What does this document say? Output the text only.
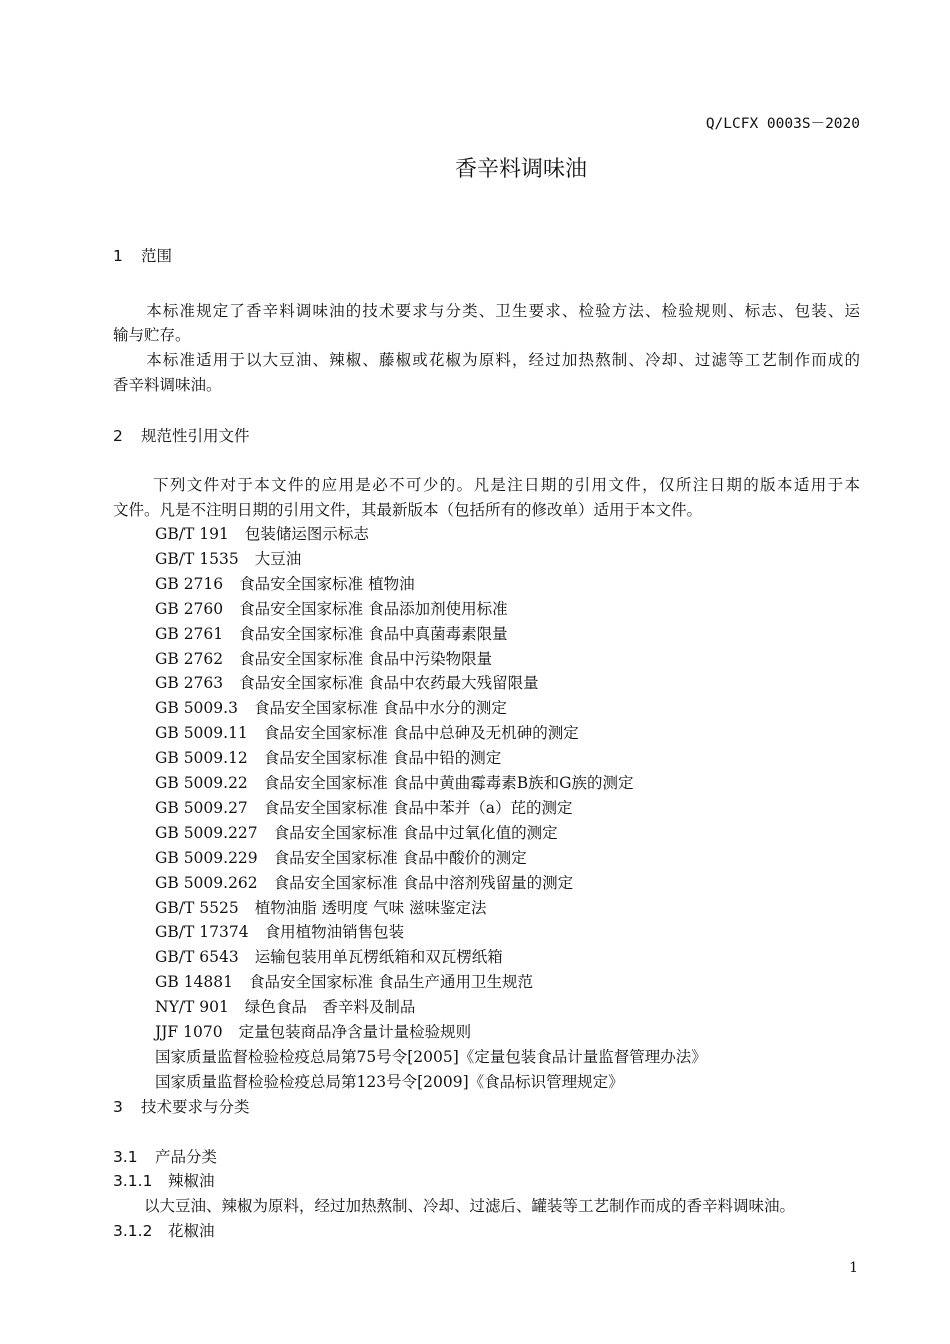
Q/LCFX 0003S－2020
香辛料调味油
1 范围
　　本标准规定了香辛料调味油的技术要求与分类、卫生要求、检验方法、检验规则、标志、包装、运
输与贮存。
　　本标准适用于以大豆油、辣椒、藤椒或花椒为原料，经过加热熬制、冷却、过滤等工艺制作而成的
香辛料调味油。
2 规范性引用文件
　　 下列文件对于本文件的应用是必不可少的。凡是注日期的引用文件，仅所注日期的版本适用于本
文件。凡是不注明日期的引用文件，其最新版本（包括所有的修改单）适用于本文件。
GB/T 191 包装储运图示标志
GB/T 1535 大豆油
GB 2716 食品安全国家标准 植物油
GB 2760 食品安全国家标准 食品添加剂使用标准
GB 2761 食品安全国家标准 食品中真菌毒素限量
GB 2762 食品安全国家标准 食品中污染物限量
GB 2763 食品安全国家标准 食品中农药最大残留限量
GB 5009.3 食品安全国家标准 食品中水分的测定
GB 5009.11 食品安全国家标准 食品中总砷及无机砷的测定
GB 5009.12 食品安全国家标准 食品中铅的测定
GB 5009.22 食品安全国家标准 食品中黄曲霉毒素B族和G族的测定
GB 5009.27 食品安全国家标准 食品中苯并（a）芘的测定
GB 5009.227 食品安全国家标准 食品中过氧化值的测定
GB 5009.229 食品安全国家标准 食品中酸价的测定
GB 5009.262 食品安全国家标准 食品中溶剂残留量的测定
GB/T 5525 植物油脂 透明度 气味 滋味鉴定法
GB/T 17374 食用植物油销售包装
GB/T 6543 运输包装用单瓦楞纸箱和双瓦楞纸箱
GB 14881 食品安全国家标准 食品生产通用卫生规范
NY/T 901 绿色食品　香辛料及制品
JJF 1070 定量包装商品净含量计量检验规则
国家质量监督检验检疫总局第75号令[2005]《定量包装食品计量监督管理办法》
国家质量监督检验检疫总局第123号令[2009]《食品标识管理规定》
3 技术要求与分类
3.1 产品分类
3.1.1 辣椒油
　　以大豆油、辣椒为原料，经过加热熬制、冷却、过滤后、罐装等工艺制作而成的香辛料调味油。
3.1.2 花椒油
1
